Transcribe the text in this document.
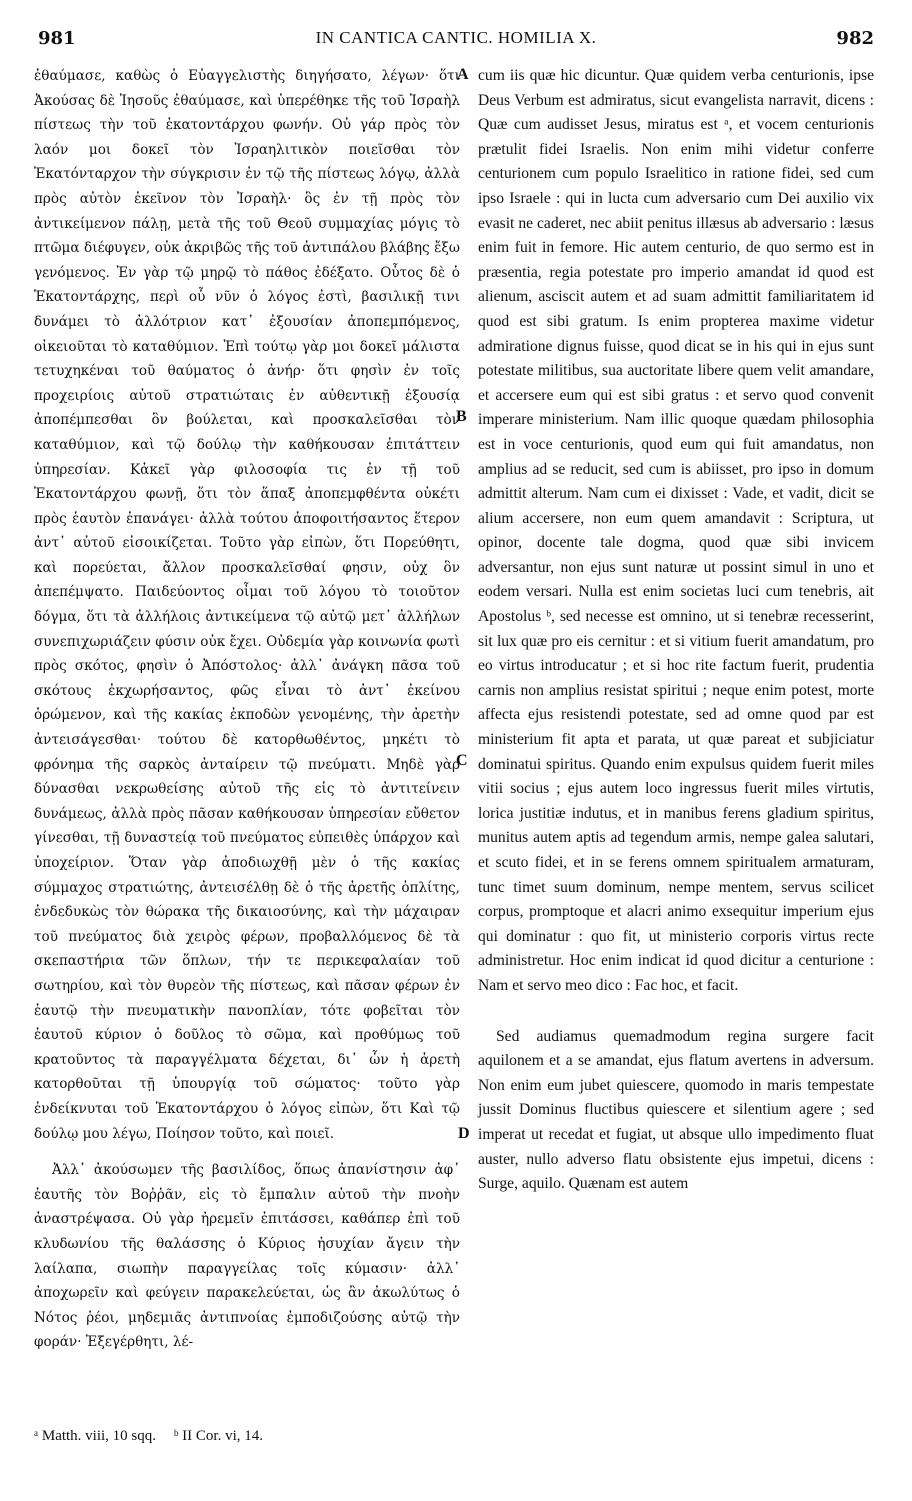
981	IN CANTICA CANTIC. HOMILIA X.	982

ἐθαύμασε, καθὼς ὁ Εὐαγγελιστὴς διηγήσατο, λέγων· ὅτι Ἀκούσας δὲ Ἰησοῦς ἐθαύμασε, καὶ ὑπερέθηκε τῆς τοῦ Ἰσραὴλ πίστεως τὴν τοῦ ἑκατοντάρχου φωνήν. Οὐ γάρ πρὸς τὸν λαόν μοι δοκεῖ τὸν Ἰσραηλιτικὸν ποιεῖσθαι τὸν Ἑκατόνταρχον τὴν σύγκρισιν ἐν τῷ τῆς πίστεως λόγῳ, ἀλλὰ πρὸς αὐτὸν ἐκεῖνον τὸν Ἰσραὴλ· ὃς ἐν τῇ πρὸς τὸν ἀντικείμενον πάλῃ, μετὰ τῆς τοῦ Θεοῦ συμμαχίας μόγις τὸ πτῶμα διέφυγεν, οὐκ ἀκριβῶς τῆς τοῦ ἀντιπάλου βλάβης ἔξω γενόμενος. Ἐν γὰρ τῷ μηρῷ τὸ πάθος ἐδέξατο. Οὗτος δὲ ὁ Ἑκατοντάρχης, περὶ οὗ νῦν ὁ λόγος ἐστὶ, βασιλικῇ τινι δυνάμει τὸ ἀλλότριον κατ᾽ ἐξουσίαν ἀποπεμπόμενος, οἰκειοῦται τὸ καταθύμιον. Ἐπὶ τούτῳ γὰρ μοι δοκεῖ μάλιστα τετυχηκέναι τοῦ θαύματος ὁ ἀνήρ· ὅτι φησὶν ἐν τοῖς προχειρίοις αὐτοῦ στρατιώταις ἐν αὐθεντικῇ ἐξουσίᾳ ἀποπέμπεσθαι ὃν βούλεται, καὶ προσκαλεῖσθαι τὸν καταθύμιον, καὶ τῷ δούλῳ τὴν καθήκουσαν ἐπιτάττειν ὑπηρεσίαν. Κἀκεῖ γὰρ φιλοσοφία τις ἐν τῇ τοῦ Ἑκατοντάρχου φωνῇ, ὅτι τὸν ἅπαξ ἀποπεμφθέντα οὐκέτι πρὸς ἑαυτὸν ἐπανάγει· ἀλλὰ τούτου ἀποφοιτήσαντος ἕτερον ἀντ᾽ αὐτοῦ εἰσοικίζεται. Τοῦτο γὰρ εἰπὼν, ὅτι Πορεύθητι, καὶ πορεύεται, ἄλλον προσκαλεῖσθαί φησιν, οὐχ ὃν ἀπεπέμψατο. Παιδεύοντος οἶμαι τοῦ λόγου τὸ τοιοῦτον δόγμα, ὅτι τὰ ἀλλήλοις ἀντικείμενα τῷ αὐτῷ μετ᾽ ἀλλήλων συνεπιχωριάζειν φύσιν οὐκ ἔχει. Οὐδεμία γὰρ κοινωνία φωτὶ πρὸς σκότος, φησὶν ὁ Ἀπόστολος· ἀλλ᾽ ἀνάγκη πᾶσα τοῦ σκότους ἐκχωρήσαντος, φῶς εἶναι τὸ ἀντ᾽ ἐκείνου ὁρώμενον, καὶ τῆς κακίας ἐκποδὼν γενομένης, τὴν ἀρετὴν ἀντεισάγεσθαι· τούτου δὲ κατορθωθέντος, μηκέτι τὸ φρόνημα τῆς σαρκὸς ἀνταίρειν τῷ πνεύματι. Μηδὲ γὰρ δύνασθαι νεκρωθείσης αὐτοῦ τῆς εἰς τὸ ἀντιτείνειν δυνάμεως, ἀλλὰ πρὸς πᾶσαν καθήκουσαν ὑπηρεσίαν εὔθετον γίνεσθαι, τῇ δυναστείᾳ τοῦ πνεύματος εὐπειθὲς ὑπάρχον καὶ ὑποχείριον. Ὅταν γὰρ ἀποδιωχθῇ μὲν ὁ τῆς κακίας σύμμαχος στρατιώτης, ἀντεισέλθῃ δὲ ὁ τῆς ἀρετῆς ὁπλίτης, ἐνδεδυκὼς τὸν θώρακα τῆς δικαιοσύνης, καὶ τὴν μάχαιραν τοῦ πνεύματος διὰ χειρὸς φέρων, προβαλλόμενος δὲ τὰ σκεπαστήρια τῶν ὅπλων, τήν τε περικεφαλαίαν τοῦ σωτηρίου, καὶ τὸν θυρεὸν τῆς πίστεως, καὶ πᾶσαν φέρων ἐν ἑαυτῷ τὴν πνευματικὴν πανοπλίαν, τότε φοβεῖται τὸν ἑαυτοῦ κύριον ὁ δοῦλος τὸ σῶμα, καὶ προθύμως τοῦ κρατοῦντος τὰ παραγγέλματα δέχεται, δι᾽ ὧν ἡ ἀρετὴ κατορθοῦται τῇ ὑπουργίᾳ τοῦ σώματος· τοῦτο γὰρ ἐνδείκνυται τοῦ Ἑκατοντάρχου ὁ λόγος εἰπὼν, ὅτι Καὶ τῷ δούλῳ μου λέγω, Ποίησον τοῦτο, καὶ ποιεῖ.

Ἀλλ᾽ ἀκούσωμεν τῆς βασιλίδος, ὅπως ἀπανίστησιν ἀφ᾽ ἑαυτῆς τὸν Βοῤῥᾶν, εἰς τὸ ἔμπαλιν αὐτοῦ τὴν πνοὴν ἀναστρέψασα. Οὐ γὰρ ἠρεμεῖν ἐπιτάσσει, καθάπερ ἐπὶ τοῦ κλυδωνίου τῆς θαλάσσης ὁ Κύριος ἡσυχίαν ἄγειν τὴν λαίλαπα, σιωπὴν παραγγείλας τοῖς κύμασιν· ἀλλ᾽ ἀποχωρεῖν καὶ φεύγειν παρακελεύεται, ὡς ἂν ἀκωλύτως ὁ Νότος ῥέοι, μηδεμιᾶς ἀντιπνοίας ἐμποδιζούσης αὐτῷ τὴν φοράν· Ἐξεγέρθητι, λέ-

A
B
C
D

cum iis quæ hic dicuntur. Quæ quidem verba centurionis, ipse Deus Verbum est admiratus, sicut evangelista narravit, dicens : Quæ cum audisset Jesus, miratus est ᵃ, et vocem centurionis prætulit fidei Israelis. Non enim mihi videtur conferre centurionem cum populo Israelitico in ratione fidei, sed cum ipso Israele : qui in lucta cum adversario cum Dei auxilio vix evasit ne caderet, nec abiit penitus illæsus ab adversario : læsus enim fuit in femore. Hic autem centurio, de quo sermo est in præsentia, regia potestate pro imperio amandat id quod est alienum, asciscit autem et ad suam admittit familiaritatem id quod est sibi gratum. Is enim propterea maxime videtur admiratione dignus fuisse, quod dicat se in his qui in ejus sunt potestate militibus, sua auctoritate libere quem velit amandare, et accersere eum qui est sibi gratus : et servo quod convenit imperare ministerium. Nam illic quoque quædam philosophia est in voce centurionis, quod eum qui fuit amandatus, non amplius ad se reducit, sed cum is abiisset, pro ipso in domum admittit alterum. Nam cum ei dixisset : Vade, et vadit, dicit se alium accersere, non eum quem amandavit : Scriptura, ut opinor, docente tale dogma, quod quæ sibi invicem adversantur, non ejus sunt naturæ ut possint simul in uno et eodem versari. Nulla est enim societas luci cum tenebris, ait Apostolus ᵇ, sed necesse est omnino, ut si tenebræ recesserint, sit lux quæ pro eis cernitur : et si vitium fuerit amandatum, pro eo virtus introducatur ; et si hoc rite factum fuerit, prudentia carnis non amplius resistat spiritui ; neque enim potest, morte affecta ejus resistendi potestate, sed ad omne quod par est ministerium fit apta et parata, ut quæ pareat et subjiciatur dominatui spiritus. Quando enim expulsus quidem fuerit miles vitii socius ; ejus autem loco ingressus fuerit miles virtutis, lorica justitiæ indutus, et in manibus ferens gladium spiritus, munitus autem aptis ad tegendum armis, nempe galea salutari, et scuto fidei, et in se ferens omnem spiritualem armaturam, tunc timet suum dominum, nempe mentem, servus scilicet corpus, promptoque et alacri animo exsequitur imperium ejus qui dominatur : quo fit, ut ministerio corporis virtus recte administretur. Hoc enim indicat id quod dicitur a centurione : Nam et servo meo dico : Fac hoc, et facit.

Sed audiamus quemadmodum regina surgere facit aquilonem et a se amandat, ejus flatum avertens in adversum. Non enim eum jubet quiescere, quomodo in maris tempestate jussit Dominus fluctibus quiescere et silentium agere ; sed imperat ut recedat et fugiat, ut absque ullo impedimento fluat auster, nullo adverso flatu obsistente ejus impetui, dicens : Surge, aquilo. Quænam est autem

ᵃ Matth. viii, 10 sqq. ᵇ II Cor. vi, 14.
